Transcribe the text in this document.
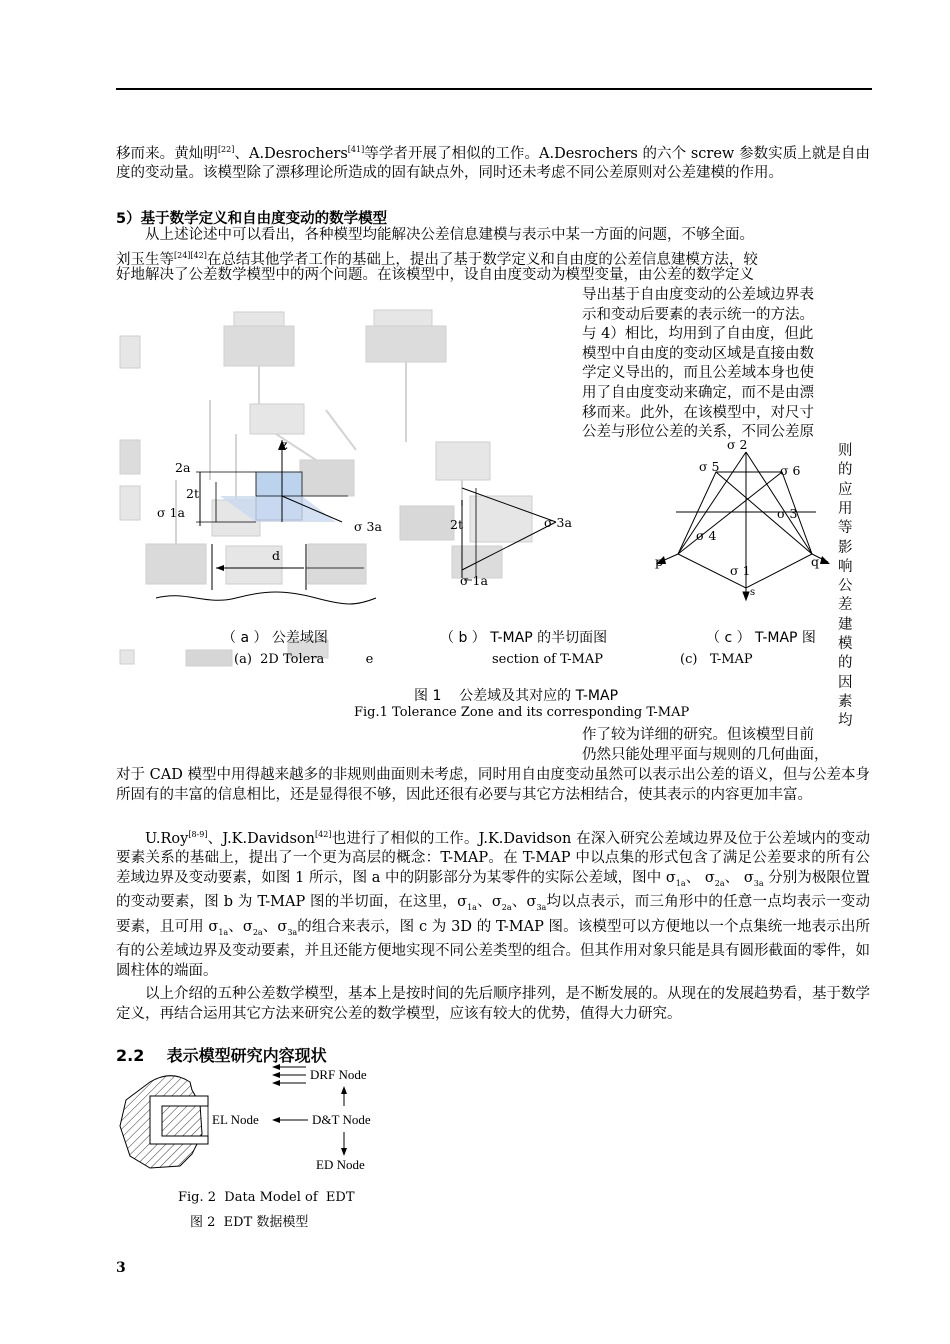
移而来。黄灿明[22]、A.Desrochers[41]等学者开展了相似的工作。A.Desrochers 的六个 screw 参数实质上就是自由度的变动量。该模型除了漂移理论所造成的固有缺点外，同时还未考虑不同公差原则对公差建模的作用。
5）基于数学定义和自由度变动的数学模型
从上述论述中可以看出，各种模型均能解决公差信息建模与表示中某一方面的问题，不够全面。
刘玉生等[24][42]在总结其他学者工作的基础上，提出了基于数学定义和自由度的公差信息建模方法，较
好地解决了公差数学模型中的两个问题。在该模型中，设自由度变动为模型变量，由公差的数学定义
导出基于自由度变动的公差域边界表
示和变动后要素的表示统一的方法。
与 4）相比，均用到了自由度，但此
模型中自由度的变动区域是直接由数
学定义导出的，而且公差域本身也使
用了自由度变动来确定，而不是由漂
移而来。此外，在该模型中，对尺寸
公差与形位公差的关系，不同公差原
则
的
应
用
等
影
响
公
差
建
模
的
因
素
均
z
2a
2t
σ 1a
σ 3a
d
2t	σ 3a
σ 1a
σ 2
σ 5	σ 6
σ 3
σ 4
σ 1
p	q
s
（ a ） 公差域图	（ b ） T-MAP 的半切面图	（ c ） T-MAP 图
(a)  2D Tolera          e	section of T-MAP	(c)   T-MAP
图 1    公差域及其对应的 T-MAP
Fig.1 Tolerance Zone and its corresponding T-MAP
作了较为详细的研究。但该模型目前
仍然只能处理平面与规则的几何曲面，
对于 CAD 模型中用得越来越多的非规则曲面则未考虑，同时用自由度变动虽然可以表示出公差的语义，但与公差本身所固有的丰富的信息相比，还是显得很不够，因此还很有必要与其它方法相结合，使其表示的内容更加丰富。
U.Roy[8-9]、J.K.Davidson[42]也进行了相似的工作。J.K.Davidson 在深入研究公差域边界及位于公差域内的变动要素关系的基础上，提出了一个更为高层的概念：T-MAP。在 T-MAP 中以点集的形式包含了满足公差要求的所有公差域边界及变动要素，如图 1 所示，图 a 中的阴影部分为某零件的实际公差域，图中 $\sigma_{1a}$、 $\sigma_{2a}$、 $\sigma_{3a}$ 分别为极限位置的变动要素，图 b 为 T-MAP 图的半切面，在这里，$\sigma_{1a}$、$\sigma_{2a}$、$\sigma_{3a}$均以点表示，而三角形中的任意一点均表示一变动要素，且可用 $\sigma_{1a}$、$\sigma_{2a}$、$\sigma_{3a}$的组合来表示，图 c 为 3D 的 T-MAP 图。该模型可以方便地以一个点集统一地表示出所有的公差域边界及变动要素，并且还能方便地实现不同公差类型的组合。但其作用对象只能是具有圆形截面的零件，如圆柱体的端面。
以上介绍的五种公差数学模型，基本上是按时间的先后顺序排列，是不断发展的。从现在的发展趋势看，基于数学定义，再结合运用其它方法来研究公差的数学模型，应该有较大的优势，值得大力研究。
2.2    表示模型研究内容现状
DRF Node
EL Node	D&T Node
ED Node
Fig. 2  Data Model of  EDT
图 2  EDT 数据模型
3
